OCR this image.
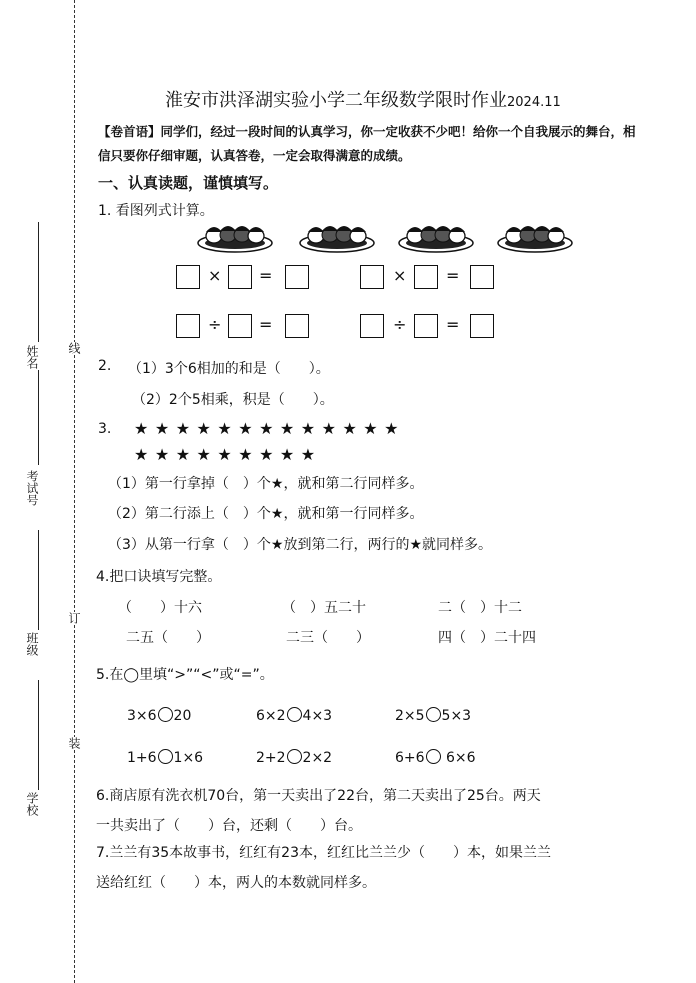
姓名
考试号
班级
学校
线
订
装
淮安市洪泽湖实验小学二年级数学限时作业2024.11
【卷首语】同学们，经过一段时间的认真学习，你一定收获不少吧！给你一个自我展示的舞台，相信只要你仔细审题，认真答卷，一定会取得满意的成绩。
一、认真读题，谨慎填写。
1. 看图列式计算。
× =	× =
÷ =	÷ =
2. （1）3个6相加的和是（　　）。
（2）2个5相乘，积是（　　）。
3. ★★★★★★★★★★★★★
★★★★★★★★★
（1）第一行拿掉（　）个★，就和第二行同样多。
（2）第二行添上（　）个★，就和第一行同样多。
（3）从第一行拿（　）个★放到第二行，两行的★就同样多。
4.把口诀填写完整。
（　　）十六	（　）五二十	二（　）十二
二五（　　）	二三（　　）	四（　）二十四
5.在◯里填“>”“<”或“=”。
3×6 20	6×2 4×3	2×5 5×3
1+6 1×6	2+2 2×2	6+6 6×6
6.商店原有洗衣机70台，第一天卖出了22台，第二天卖出了25台。两天
一共卖出了（　　）台，还剩（　　）台。
7.兰兰有35本故事书，红红有23本，红红比兰兰少（　　）本，如果兰兰
送给红红（　　）本，两人的本数就同样多。
